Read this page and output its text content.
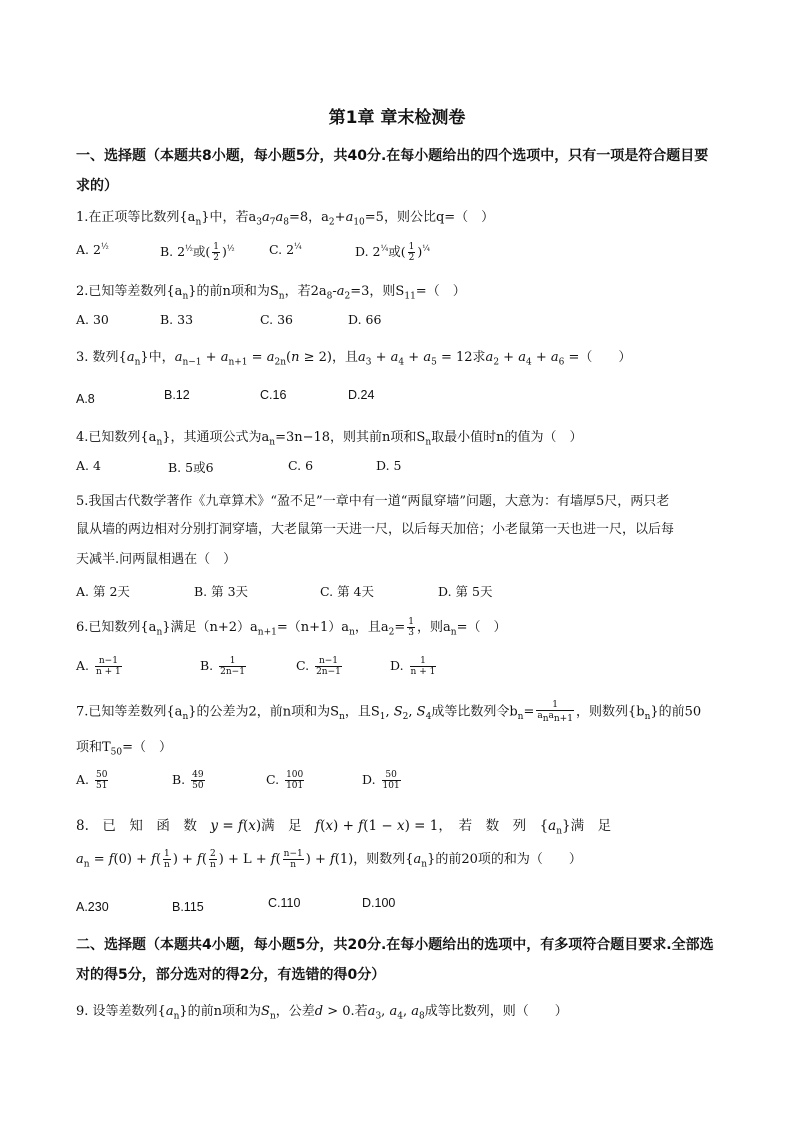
第1章 章末检测卷
一、选择题（本题共8小题，每小题5分，共40分.在每小题给出的四个选项中，只有一项是符合题目要
求的）
1.在正项等比数列$\{a_n\}$中，若$a_3a_7a_8=8$，$a_2+a_{10}=5$，则公比q=（　）
A. $2^{\frac{1}{2}}$	B. $2^{\frac{1}{2}}$或( $\frac{1}{2} )^{\frac{1}{2}}$	C. $2^{\frac{1}{4}}$	D. $2^{\frac{1}{4}}$或( $\frac{1}{2} )^{\frac{1}{4}}$
2.已知等差数列$\{a_n\}$的前n项和为$S_n$，若$2a_8-a_2=3$，则$S_{11}=$（　）
A. 30	B. 33	C. 36	D. 66
3. 数列$\{a_n\}$中，$a_{n-1} + a_{n+1} = a_{2n}(n \ge 2)$，且$a_3 + a_4 + a_5 = 12$求$a_2 + a_4 + a_6$ =（　　）
A.8	B.12	C.16	D.24
4.已知数列$\{a_n\}$，其通项公式为$a_n=3n-18$，则其前n项和$S_n$取最小值时n的值为（　）
A. 4	B. 5或6	C. 6	D. 5
5.我国古代数学著作《九章算术》“盈不足”一章中有一道“两鼠穿墙”问题，大意为：有墙厚5尺，两只老
鼠从墙的两边相对分别打洞穿墙，大老鼠第一天进一尺，以后每天加倍；小老鼠第一天也进一尺，以后每
天减半.问两鼠相遇在（　）
A. 第 2天	B. 第 3天	C. 第 4天	D. 第 5天
6.已知数列$\{a_n\}$满足$(n+2)a_{n+1}=(n+1)a_n$，且$a_2= \frac{1}{3}$ ，则$a_n=$（　）
A. $\frac{n-1}{n + 1}$	B. $\frac{1}{2n-1}$	C. $\frac{n-1}{2n-1}$	D. $\frac{1}{n + 1}$
7.已知等差数列$\{a_n\}$的公差为2，前n项和为$S_n$，且$S_1$, $S_2$, $S_4$成等比数列令$b_n= \frac{1}{a_na_{n+1}}$ ，则数列$\{b_n\}$的前50
项和$T_{50}=$（　）
A. $\frac{50}{51}$	B. $\frac{49}{50}$	C. $\frac{100}{101}$	D. $\frac{50}{101}$
8.　已　知　函　数　 y = f(x)满　足　 f(x) + f(1 − x) = 1，　若　数　列　$\{a_n\}$满　足
$a_n = f(0) + f( \frac{1}{n}$ ) + $f( \frac{2}{n}$ ) + $L + f( \frac{n-1}{n}$ ) + f(1)，则数列$\{a_n\}$的前20项的和为（　　）
A.230	B.115	C.110	D.100
二、选择题（本题共4小题，每小题5分，共20分.在每小题给出的选项中，有多项符合题目要求.全部选
对的得5分，部分选对的得2分，有选错的得0分）
9. 设等差数列$\{a_n\}$的前n项和为$S_n$，公差d > 0.若$a_3$, $a_4$, $a_8$成等比数列，则（　　）
